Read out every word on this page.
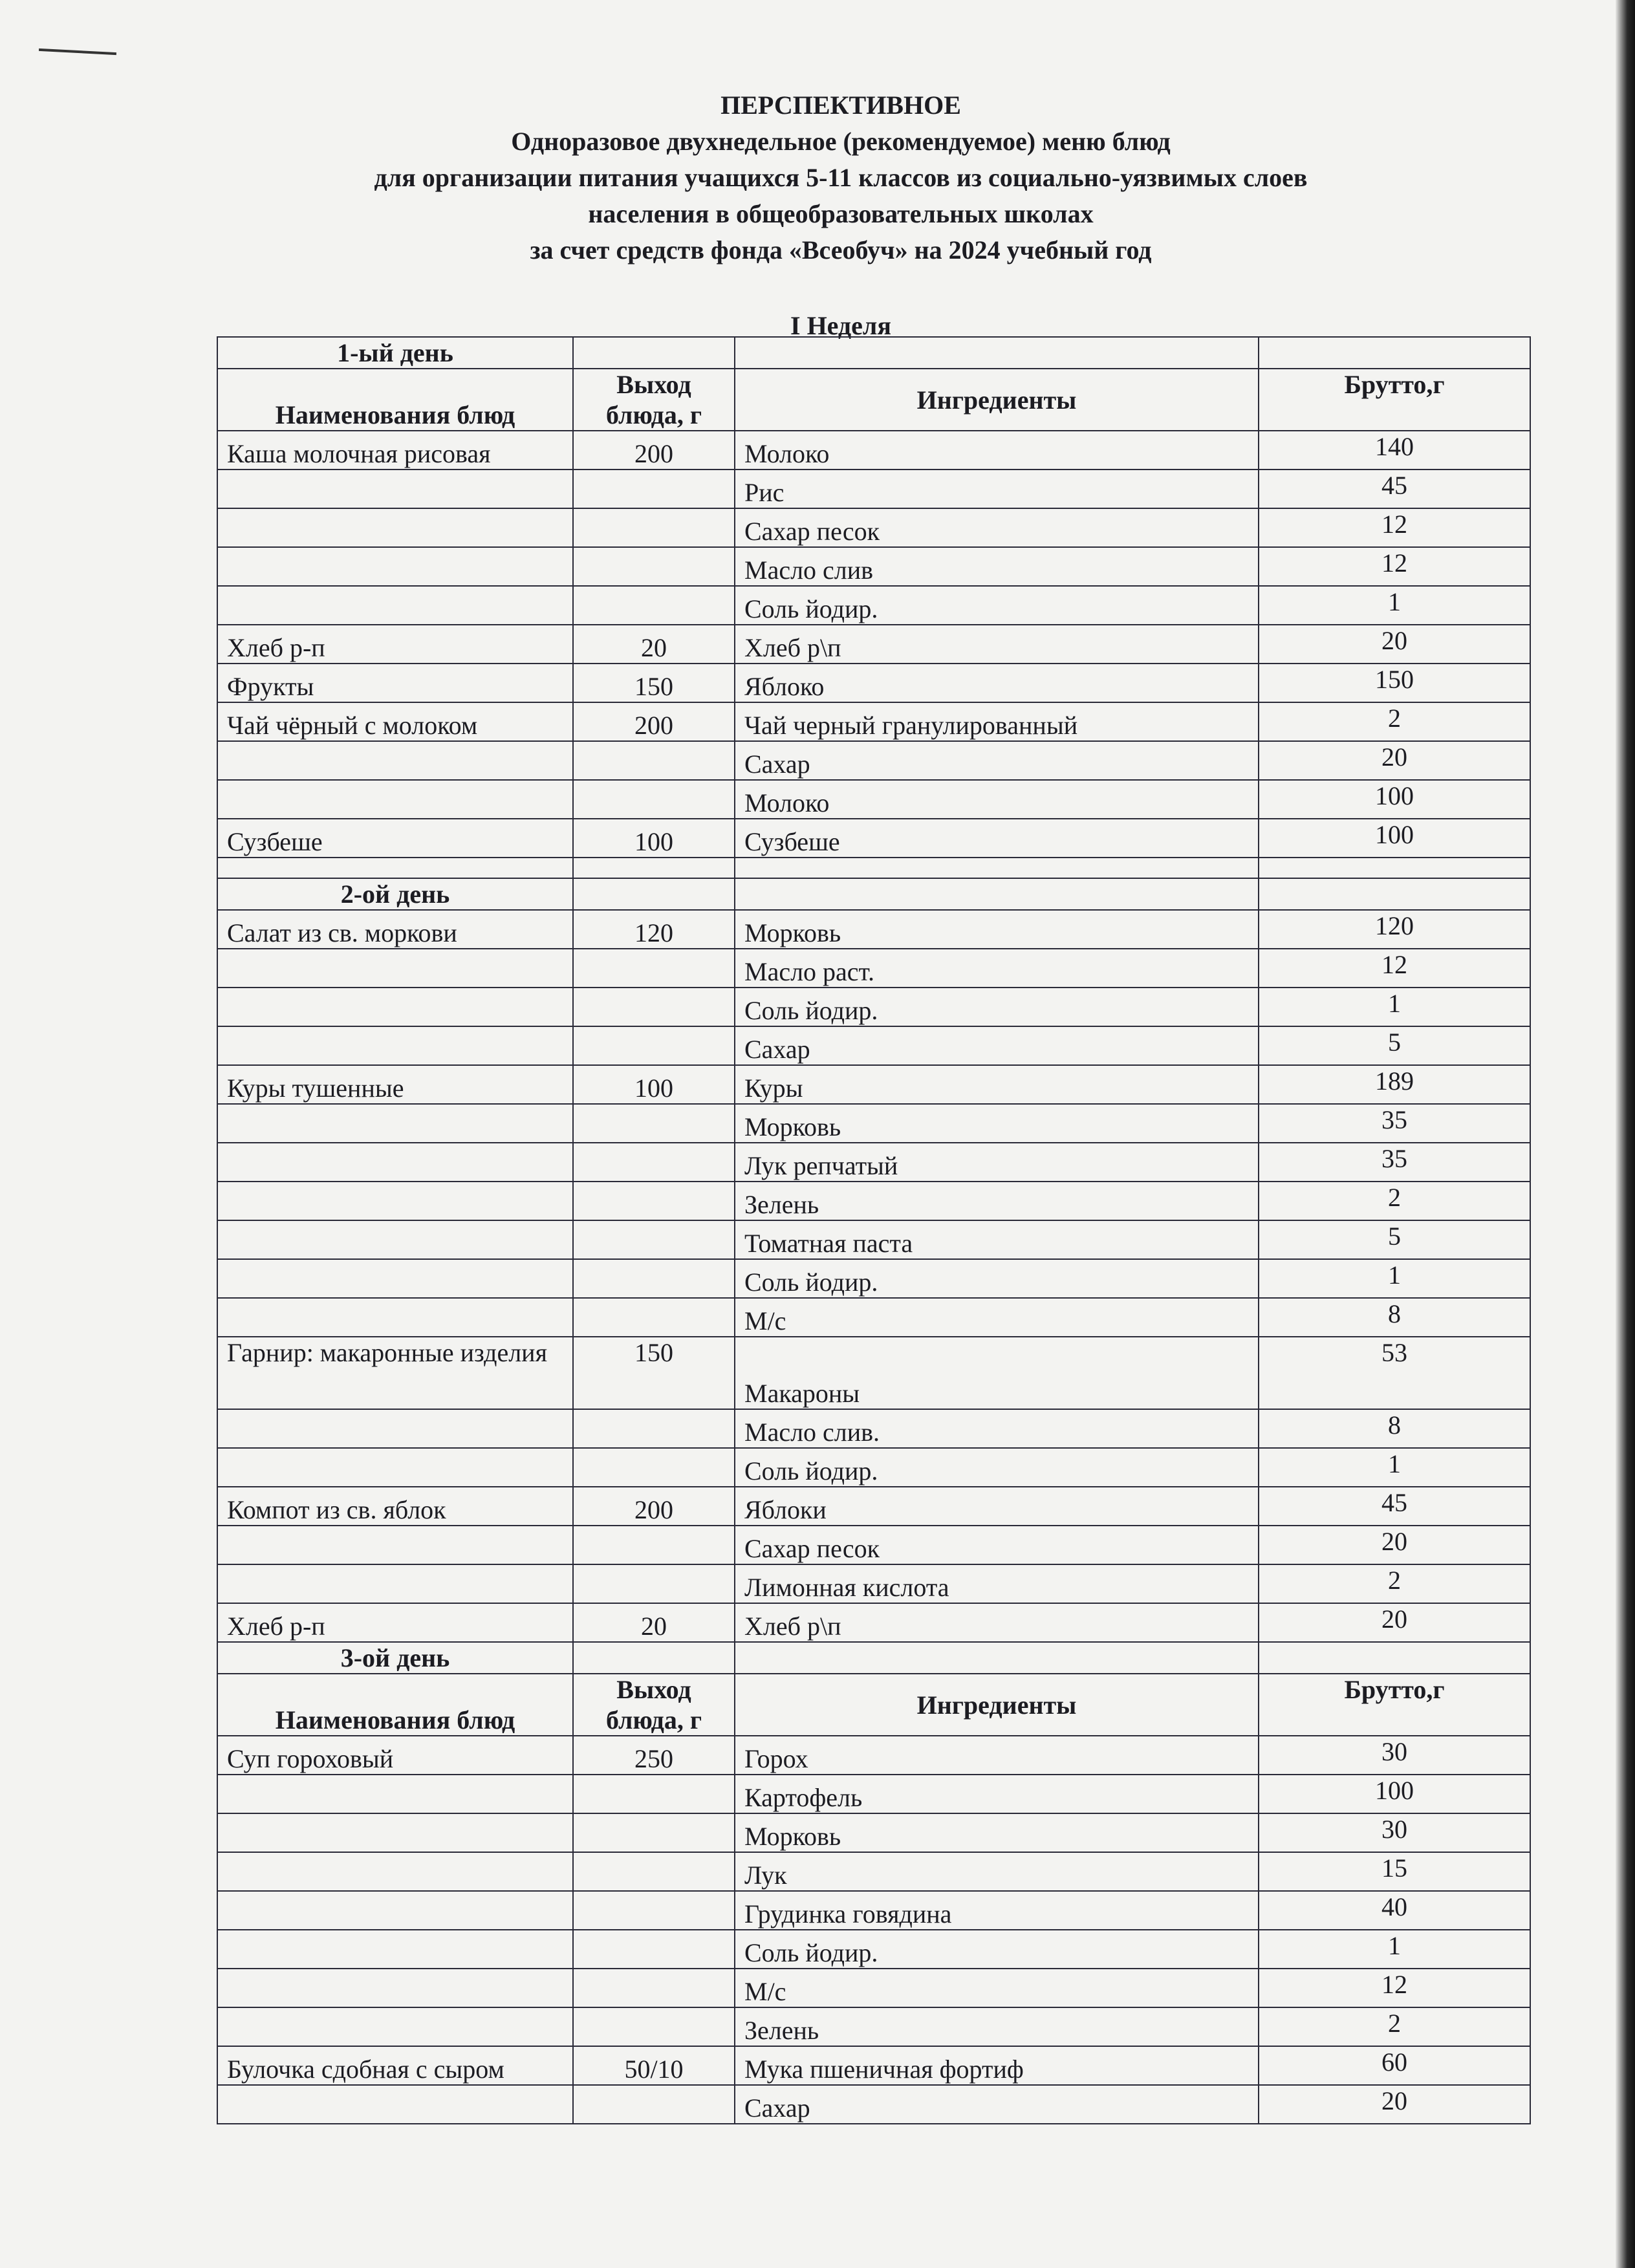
ПЕРСПЕКТИВНОЕ
Одноразовое двухнедельное (рекомендуемое) меню блюд
для организации питания учащихся 5-11 классов из социально-уязвимых слоев
населения в общеобразовательных школах
за счет средств фонда «Всеобуч» на 2024 учебный год
I Неделя
1-ый день			
Наименования блюд	Выход блюда, г	Ингредиенты	Брутто,г
Каша молочная рисовая	200	Молоко	140
		Рис	45
		Сахар песок	12
		Масло слив	12
		Соль йодир.	1
Хлеб р-п	20	Хлеб р\п	20
Фрукты	150	Яблоко	150
Чай чёрный с молоком	200	Чай черный гранулированный	2
		Сахар	20
		Молоко	100
Сузбеше	100	Сузбеше	100

2-ой день			
Салат из св. моркови	120	Морковь	120
		Масло раст.	12
		Соль йодир.	1
		Сахар	5
Куры тушенные	100	Куры	189
		Морковь	35
		Лук репчатый	35
		Зелень	2
		Томатная паста	5
		Соль йодир.	1
		М/с	8
Гарнир: макаронные изделия	150	Макароны	53
		Масло слив.	8
		Соль йодир.	1
Компот из св. яблок	200	Яблоки	45
		Сахар песок	20
		Лимонная кислота	2
Хлеб р-п	20	Хлеб р\п	20
3-ой день			
Наименования блюд	Выход блюда, г	Ингредиенты	Брутто,г
Суп гороховый	250	Горох	30
		Картофель	100
		Морковь	30
		Лук	15
		Грудинка говядина	40
		Соль йодир.	1
		М/с	12
		Зелень	2
Булочка сдобная с сыром	50/10	Мука пшеничная фортиф	60
		Сахар	20
